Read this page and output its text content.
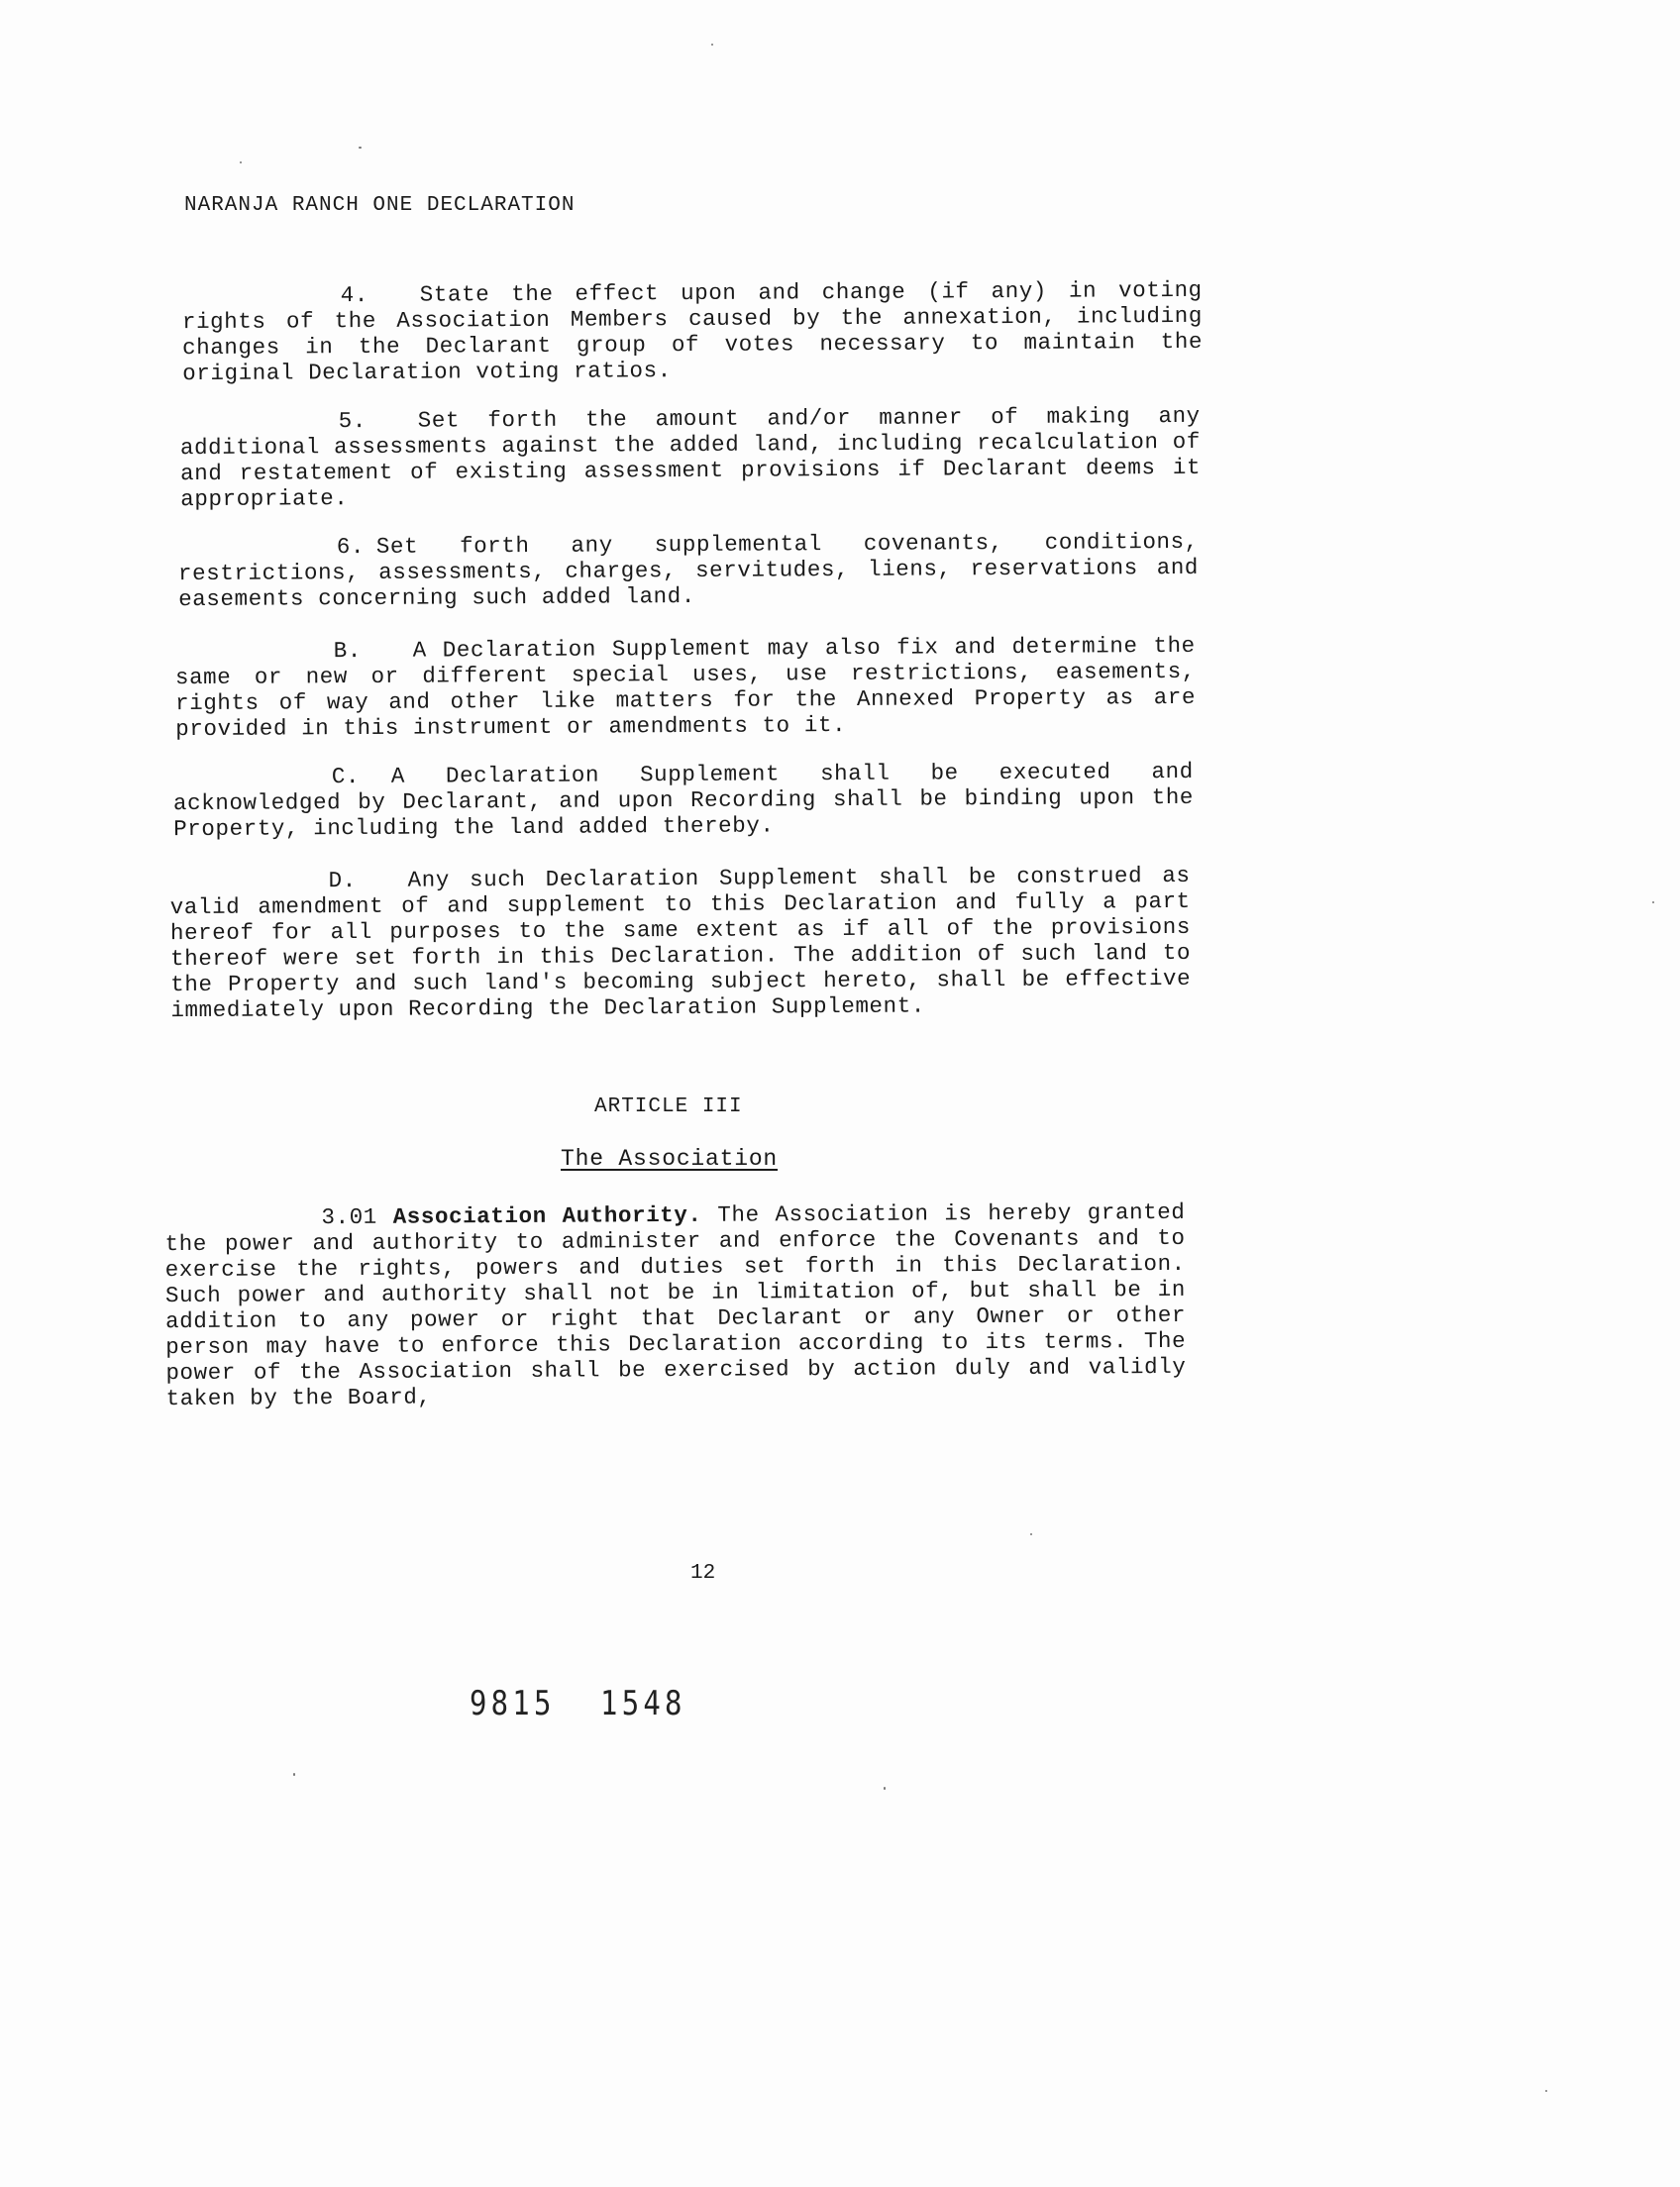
NARANJA RANCH ONE DECLARATION
4. State the effect upon and change (if any) in voting rights of the Association Members caused by the annexation, including changes in the Declarant group of votes necessary to maintain the original Declaration voting ratios.
5. Set forth the amount and/or manner of making any additional assessments against the added land, including recalculation of and restatement of existing assessment provisions if Declarant deems it appropriate.
6. Set forth any supplemental covenants, conditions, restrictions, assessments, charges, servitudes, liens, reservations and easements concerning such added land.
B. A Declaration Supplement may also fix and determine the same or new or different special uses, use restrictions, easements, rights of way and other like matters for the Annexed Property as are provided in this instrument or amendments to it.
C. A Declaration Supplement shall be executed and acknowledged by Declarant, and upon Recording shall be binding upon the Property, including the land added thereby.
D. Any such Declaration Supplement shall be construed as valid amendment of and supplement to this Declaration and fully a part hereof for all purposes to the same extent as if all of the provisions thereof were set forth in this Declaration. The addition of such land to the Property and such land's becoming subject hereto, shall be effective immediately upon Recording the Declaration Supplement.
ARTICLE III
The Association
3.01 Association Authority. The Association is hereby granted the power and authority to administer and enforce the Covenants and to exercise the rights, powers and duties set forth in this Declaration. Such power and authority shall not be in limitation of, but shall be in addition to any power or right that Declarant or any Owner or other person may have to enforce this Declaration according to its terms. The power of the Association shall be exercised by action duly and validly taken by the Board,
12
9815 1548
